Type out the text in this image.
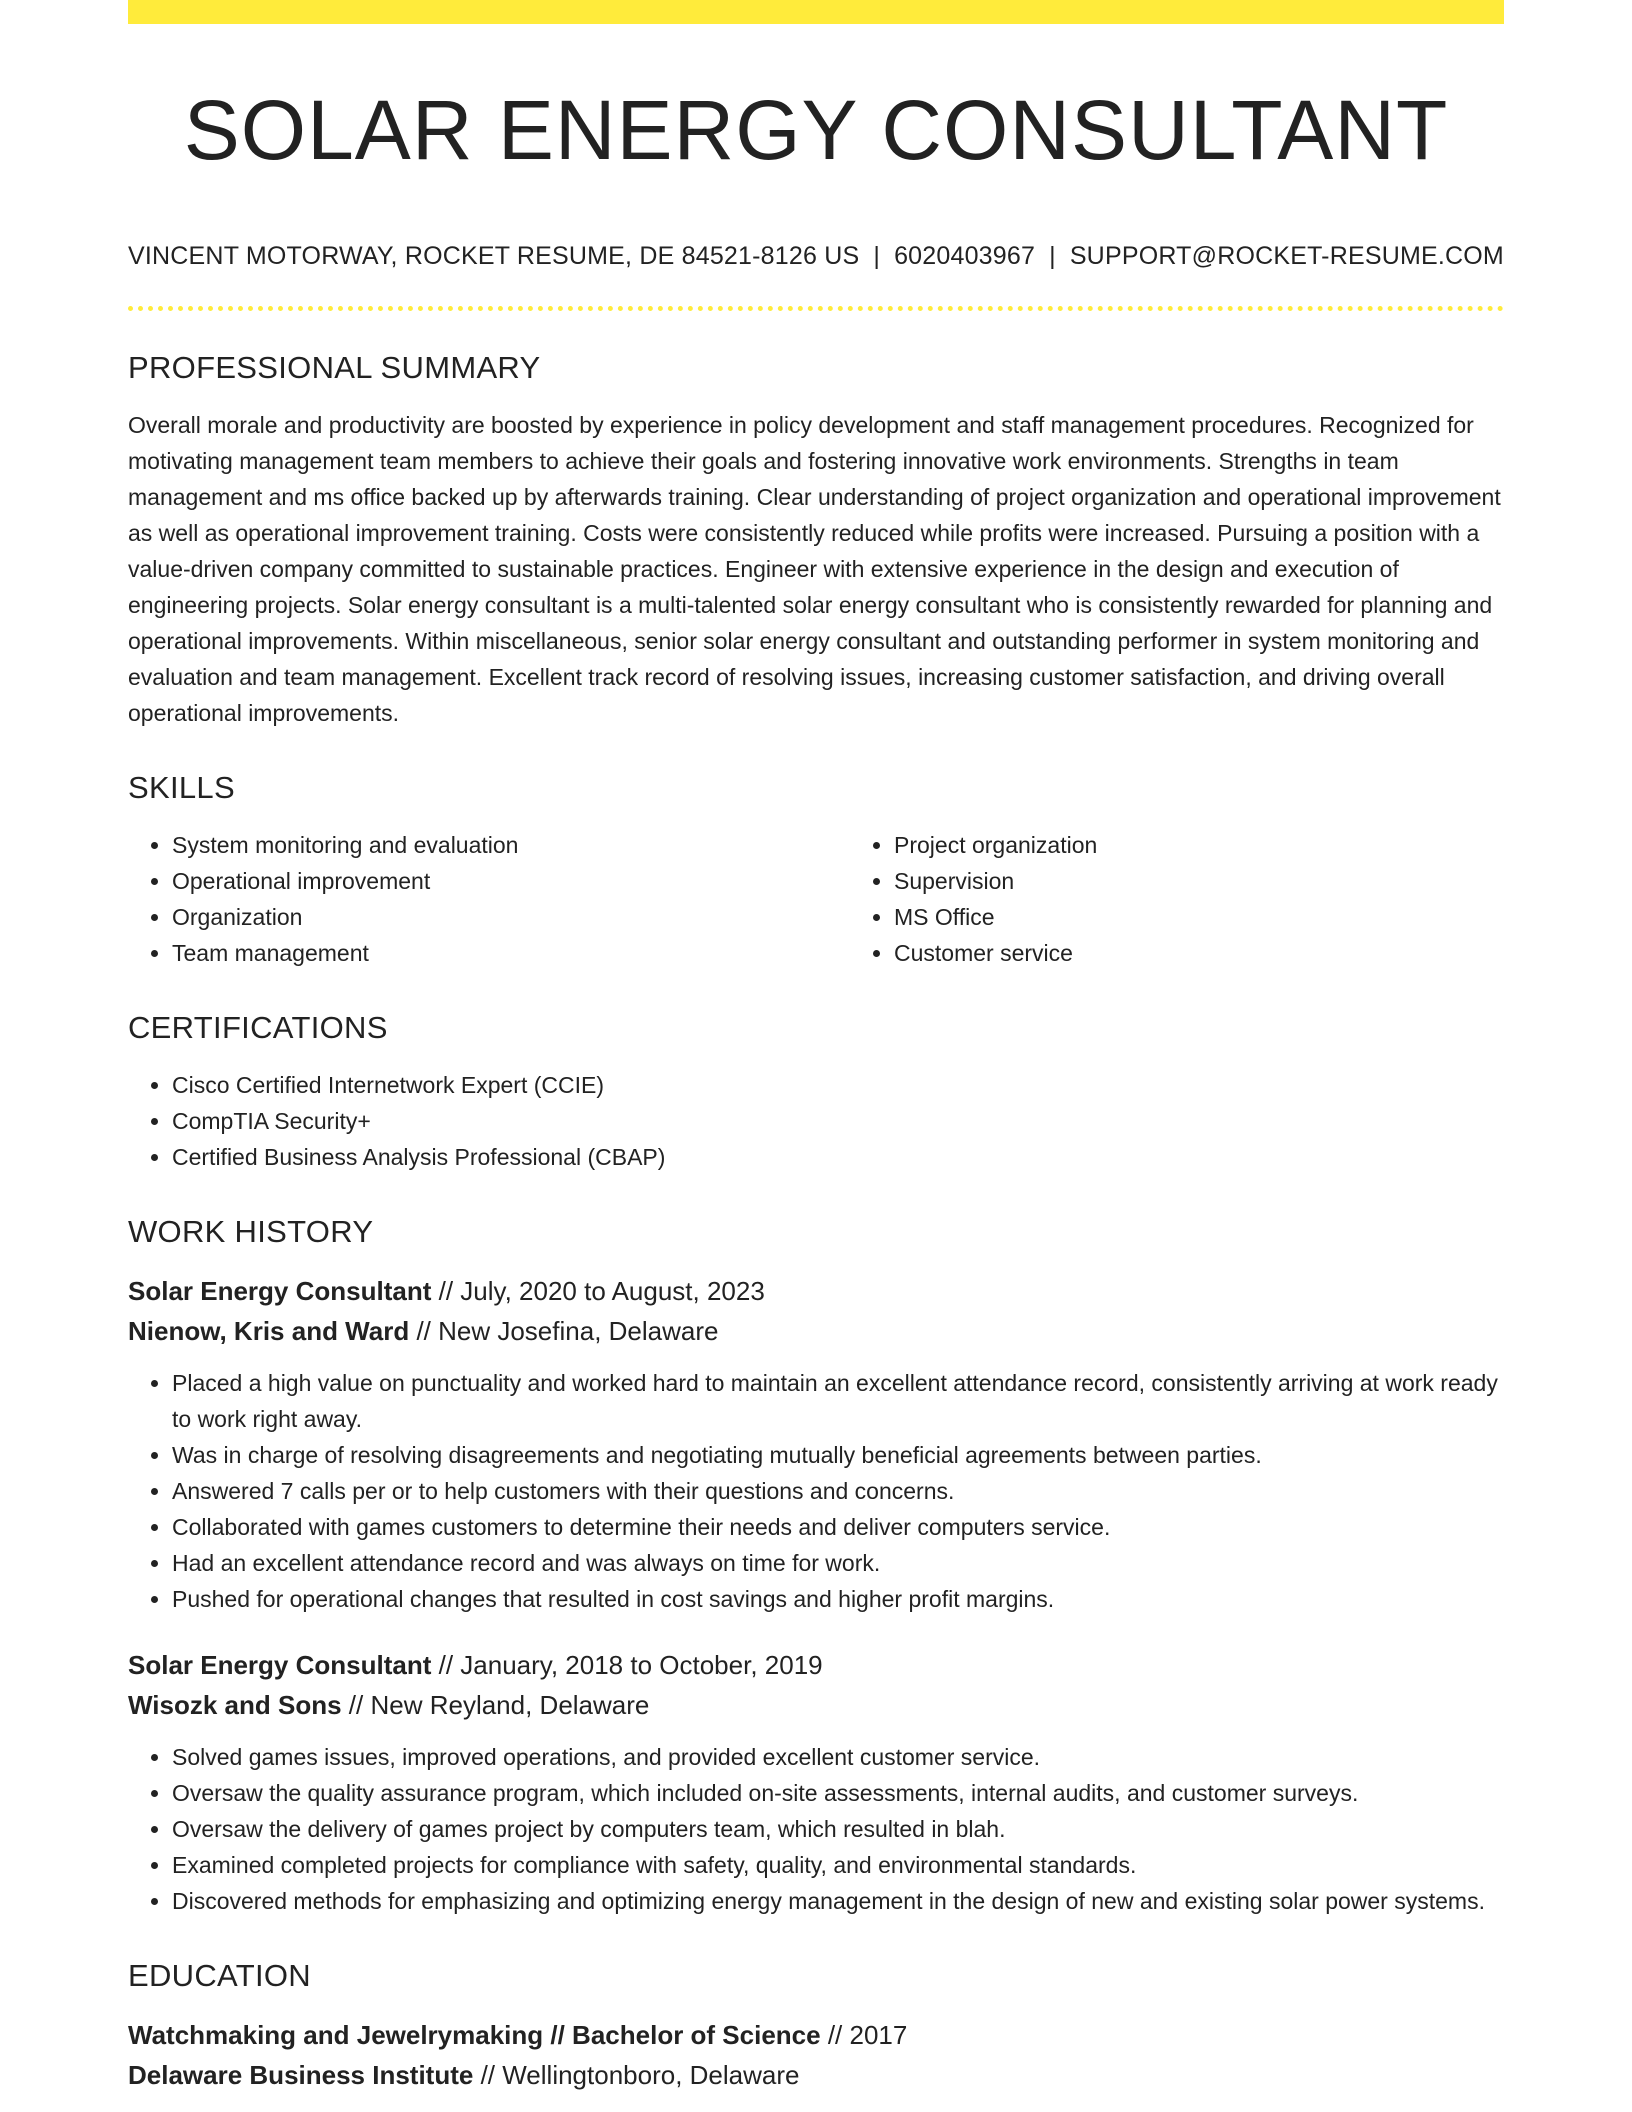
SOLAR ENERGY CONSULTANT
VINCENT MOTORWAY, ROCKET RESUME, DE 84521-8126 US | 6020403967 | SUPPORT@ROCKET-RESUME.COM
PROFESSIONAL SUMMARY

Overall morale and productivity are boosted by experience in policy development and staff management procedures. Recognized for motivating management team members to achieve their goals and fostering innovative work environments. Strengths in team management and ms office backed up by afterwards training. Clear understanding of project organization and operational improvement as well as operational improvement training. Costs were consistently reduced while profits were increased. Pursuing a position with a value-driven company committed to sustainable practices. Engineer with extensive experience in the design and execution of engineering projects. Solar energy consultant is a multi-talented solar energy consultant who is consistently rewarded for planning and operational improvements. Within miscellaneous, senior solar energy consultant and outstanding performer in system monitoring and evaluation and team management. Excellent track record of resolving issues, increasing customer satisfaction, and driving overall operational improvements.

SKILLS
• System monitoring and evaluation
• Operational improvement
• Organization
• Team management
• Project organization
• Supervision
• MS Office
• Customer service
CERTIFICATIONS
• Cisco Certified Internetwork Expert (CCIE)
• CompTIA Security+
• Certified Business Analysis Professional (CBAP)
WORK HISTORY
Solar Energy Consultant // July, 2020 to August, 2023
Nienow, Kris and Ward // New Josefina, Delaware
• Placed a high value on punctuality and worked hard to maintain an excellent attendance record, consistently arriving at work ready to work right away.
• Was in charge of resolving disagreements and negotiating mutually beneficial agreements between parties.
• Answered 7 calls per or to help customers with their questions and concerns.
• Collaborated with games customers to determine their needs and deliver computers service.
• Had an excellent attendance record and was always on time for work.
• Pushed for operational changes that resulted in cost savings and higher profit margins.
Solar Energy Consultant // January, 2018 to October, 2019
Wisozk and Sons // New Reyland, Delaware
• Solved games issues, improved operations, and provided excellent customer service.
• Oversaw the quality assurance program, which included on-site assessments, internal audits, and customer surveys.
• Oversaw the delivery of games project by computers team, which resulted in blah.
• Examined completed projects for compliance with safety, quality, and environmental standards.
• Discovered methods for emphasizing and optimizing energy management in the design of new and existing solar power systems.
EDUCATION
Watchmaking and Jewelrymaking // Bachelor of Science // 2017
Delaware Business Institute // Wellingtonboro, Delaware
